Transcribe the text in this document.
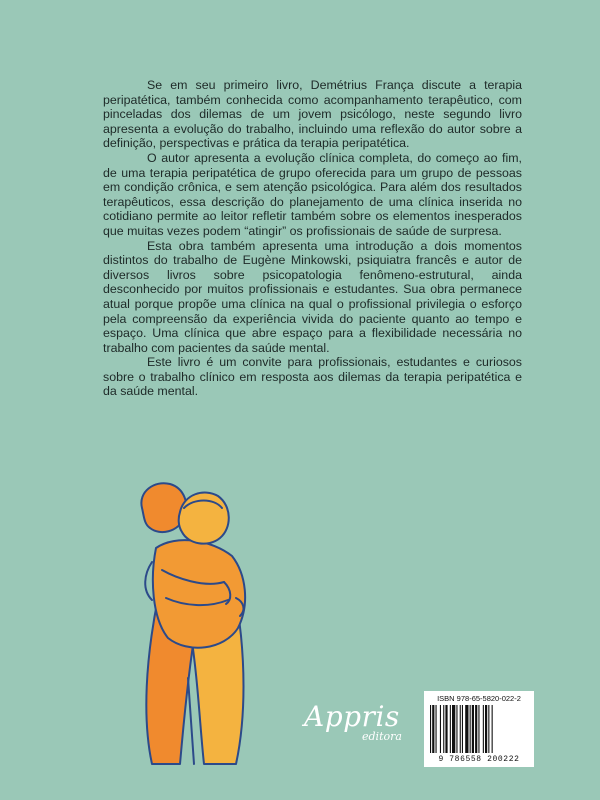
Se em seu primeiro livro, Demétrius França discute a terapia peripatética, também conhecida como acompanhamento terapêutico, com pinceladas dos dilemas de um jovem psicólogo, neste segundo livro apresenta a evolução do trabalho, incluindo uma reflexão do autor sobre a definição, perspectivas e prática da terapia peripatética.

O autor apresenta a evolução clínica completa, do começo ao fim, de uma terapia peripatética de grupo oferecida para um grupo de pessoas em condição crônica, e sem atenção psicológica. Para além dos resultados terapêuticos, essa descrição do planejamento de uma clínica inserida no cotidiano permite ao leitor refletir também sobre os elementos inesperados que muitas vezes podem “atingir” os profissionais de saúde de surpresa.

Esta obra também apresenta uma introdução a dois momentos distintos do trabalho de Eugène Minkowski, psiquiatra francês e autor de diversos livros sobre psicopatologia fenômeno-estrutural, ainda desconhecido por muitos profissionais e estudantes. Sua obra permanece atual porque propõe uma clínica na qual o profissional privilegia o esforço pela compreensão da experiência vivida do paciente quanto ao tempo e espaço. Uma clínica que abre espaço para a flexibilidade necessária no trabalho com pacientes da saúde mental.

Este livro é um convite para profissionais, estudantes e curiosos sobre o trabalho clínico em resposta aos dilemas da terapia peripatética e da saúde mental.

Appris
editora
ISBN 978-65-5820-022-2
9 786558 200222
